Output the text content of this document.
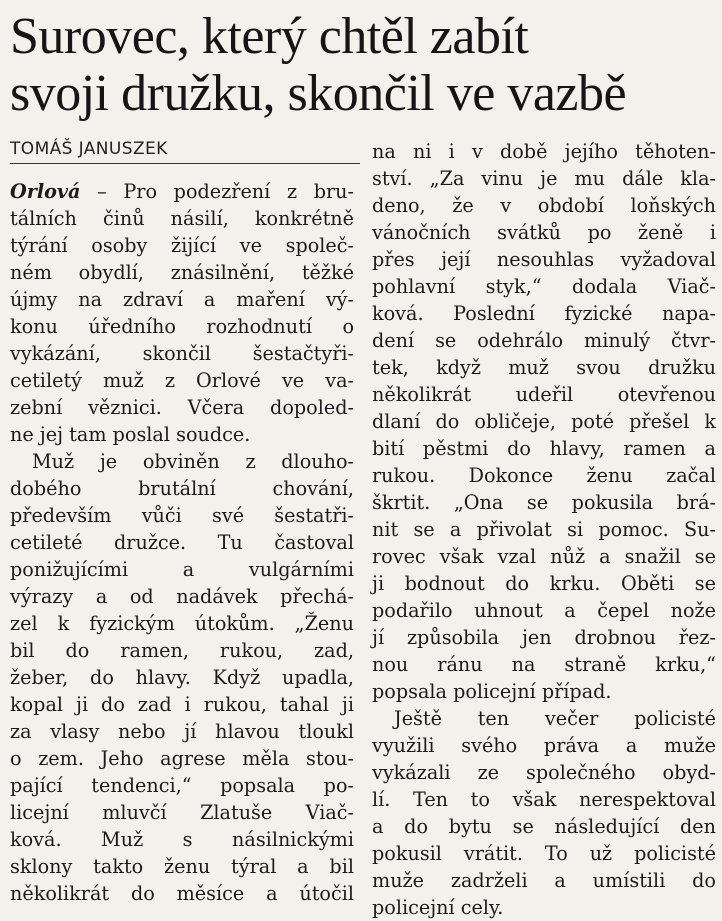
Surovec, který chtěl zabít
svoji družku, skončil ve vazbě
TOMÁŠ JANUSZEK
Orlová – Pro podezření z bru-
tálních činů násilí, konkrétně
týrání osoby žijící ve společ-
ném obydlí, znásilnění, těžké
újmy na zdraví a maření vý-
konu úředního rozhodnutí o
vykázání, skončil šestačtyři-
cetiletý muž z Orlové ve va-
zební věznici. Včera dopoled-
ne jej tam poslal soudce.
Muž je obviněn z dlouho-
dobého brutální chování,
především vůči své šestatři-
cetileté družce. Tu častoval
ponižujícími a vulgárními
výrazy a od nadávek přechá-
zel k fyzickým útokům. „Ženu
bil do ramen, rukou, zad,
žeber, do hlavy. Když upadla,
kopal ji do zad i rukou, tahal ji
za vlasy nebo jí hlavou tloukl
o zem. Jeho agrese měla stou-
pající tendenci,“ popsala po-
licejní mluvčí Zlatuše Viač-
ková. Muž s násilnickými
sklony takto ženu týral a bil
několikrát do měsíce a útočil
na ni i v době jejího těhoten-
ství. „Za vinu je mu dále kla-
deno, že v období loňských
vánočních svátků po ženě i
přes její nesouhlas vyžadoval
pohlavní styk,“ dodala Viač-
ková. Poslední fyzické napa-
dení se odehrálo minulý čtvr-
tek, když muž svou družku
několikrát udeřil otevřenou
dlaní do obličeje, poté přešel k
bití pěstmi do hlavy, ramen a
rukou. Dokonce ženu začal
škrtit. „Ona se pokusila brá-
nit se a přivolat si pomoc. Su-
rovec však vzal nůž a snažil se
ji bodnout do krku. Oběti se
podařilo uhnout a čepel nože
jí způsobila jen drobnou řez-
nou ránu na straně krku,“
popsala policejní případ.
Ještě ten večer policisté
využili svého práva a muže
vykázali ze společného obyd-
lí. Ten to však nerespektoval
a do bytu se následující den
pokusil vrátit. To už policisté
muže zadrželi a umístili do
policejní cely.
